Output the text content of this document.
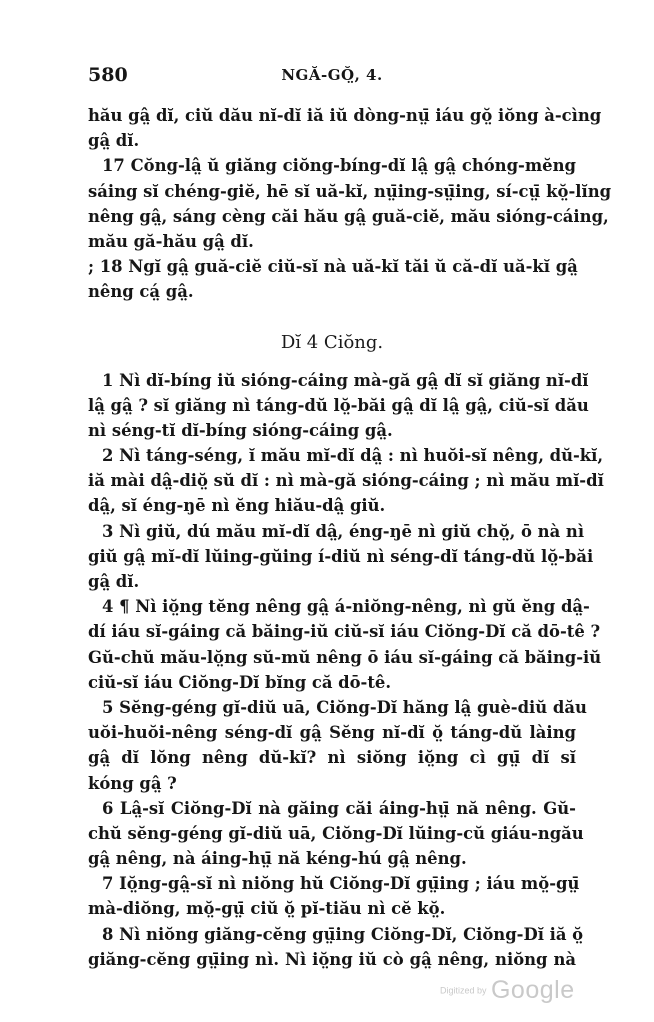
580	NGĂ-GŎ̤, 4.
hău gâ̤ dĭ, ciŭ dău nĭ-dĭ iă iŭ dòng-nṳ̄ iáu gŏ̤ iŏng à-cìng
gâ̤ dĭ.
17 Cŏng-lâ̤ ŭ giăng ciŏng-bíng-dĭ lâ̤ gâ̤ chóng-mĕng
sáing sĭ chéng-giĕ, hē sĭ uă-kĭ, nṳ̄ing-sṳ̄ing, sí-cṳ̄ kŏ̤-lĭng
nêng gâ̤, sáng cèng căi hău gâ̤ guă-ciĕ, mău sióng-cáing,
mău gă-hău gâ̤ dĭ.
; 18 Ngĭ gâ̤ guă-ciĕ ciŭ-sĭ nà uă-kĭ tăi ŭ că-dĭ uă-kĭ gâ̤
nêng cá̤ gâ̤.
Dĭ 4 Ciŏng.
1 Nì dĭ-bíng iŭ sióng-cáing mà-gă gâ̤ dĭ sĭ giăng nĭ-dĭ
lâ̤ gâ̤ ? sĭ giăng nì táng-dŭ lŏ̤-băi gâ̤ dĭ lâ̤ gâ̤, ciŭ-sĭ dău
nì séng-tĭ dĭ-bíng sióng-cáing gâ̤.
2 Nì táng-séng, ĭ mău mĭ-dĭ dâ̤ : nì huŏi-sĭ nêng, dŭ-kĭ,
iă mài dâ̤-diŏ̤ sŭ dĭ : nì mà-gă sióng-cáing ; nì mău mĭ-dĭ
dâ̤, sĭ éng-ŋē nì ĕng hiău-dâ̤ giŭ.
3 Nì giŭ, dú mău mĭ-dĭ dâ̤, éng-ŋē nì giŭ chŏ̤, ō nà nì
giŭ gâ̤ mĭ-dĭ lŭing-gŭing í-diŭ nì séng-dĭ táng-dŭ lŏ̤-băi
gâ̤ dĭ.
4 ¶ Nì iŏ̤ng tĕng nêng gâ̤ á-niŏng-nêng, nì gŭ ĕng dâ̤-
dí iáu sĭ-gáing că băing-iŭ ciŭ-sĭ iáu Ciŏng-Dĭ că dō-tê ?
Gŭ-chŭ mău-lŏ̤ng sŭ-mŭ nêng ō iáu sĭ-gáing că băing-iŭ
ciŭ-sĭ iáu Ciŏng-Dĭ bĭng că dō-tê.
5 Sĕng-géng gĭ-diŭ uā, Ciŏng-Dĭ hăng lâ̤ guè-diŭ dău
uŏi-huŏi-nêng séng-dĭ gâ̤ Sĕng nĭ-dĭ ŏ̤ táng-dŭ làing
gâ̤ dĭ lŏng nêng dŭ-kĭ? nì siŏng iŏ̤ng cì gṳ̄ dĭ sĭ
kóng gâ̤ ?
6 Lâ̤-sĭ Ciŏng-Dĭ nà găing căi áing-hṳ̄ nă nêng. Gŭ-
chŭ sĕng-géng gĭ-diŭ uā, Ciŏng-Dĭ lŭing-cŭ giáu-ngău
gâ̤ nêng, nà áing-hṳ̄ nă kéng-hú gâ̤ nêng.
7 Iŏ̤ng-gâ̤-sĭ nì niŏng hŭ Ciŏng-Dĭ gṳ̄ing ; iáu mŏ̤-gṳ̄
mà-diŏng, mŏ̤-gṳ̄ ciŭ ŏ̤ pĭ-tiău nì cĕ kŏ̤.
8 Nì niŏng giăng-cĕng gṳ̄ing Ciŏng-Dĭ, Ciŏng-Dĭ iă ŏ̤
giăng-cĕng gṳ̄ing nì. Nì iŏ̤ng iŭ cò gâ̤ nêng, niŏng nà
Digitized by Google
